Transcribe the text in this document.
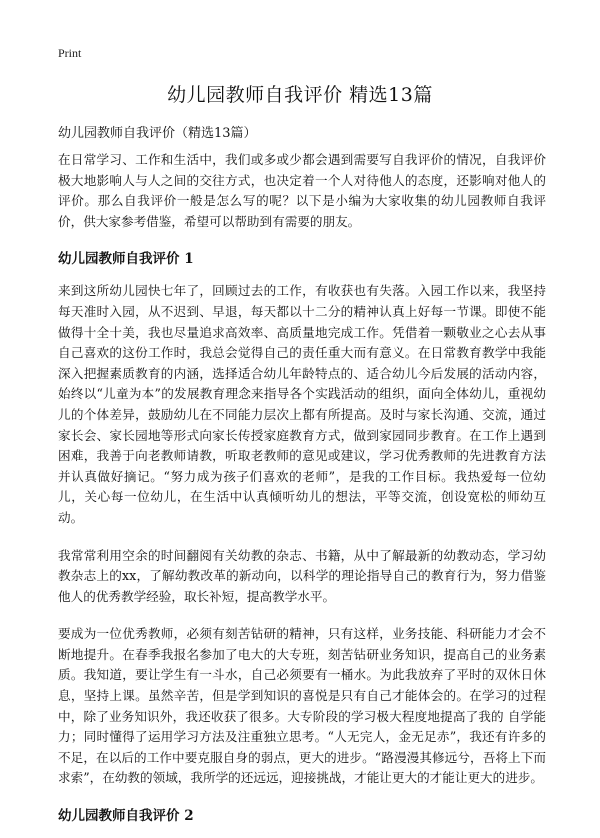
Print
幼儿园教师自我评价 精选13篇
幼儿园教师自我评价（精选13篇）

在日常学习、工作和生活中，我们或多或少都会遇到需要写自我评价的情况，自我评价极大地影响人与人之间的交往方式，也决定着一个人对待他人的态度，还影响对他人的评价。那么自我评价一般是怎么写的呢？以下是小编为大家收集的幼儿园教师自我评价，供大家参考借鉴，希望可以帮助到有需要的朋友。

幼儿园教师自我评价 1

来到这所幼儿园快七年了，回顾过去的工作，有收获也有失落。入园工作以来，我坚持每天准时入园，从不迟到、早退，每天都以十二分的精神认真上好每一节课。即使不能做得十全十美，我也尽量追求高效率、高质量地完成工作。凭借着一颗敬业之心去从事自己喜欢的这份工作时，我总会觉得自己的责任重大而有意义。在日常教育教学中我能深入把握素质教育的内涵，选择适合幼儿年龄特点的、适合幼儿今后发展的活动内容，始终以“儿童为本”的发展教育理念来指导各个实践活动的组织，面向全体幼儿，重视幼儿的个体差异，鼓励幼儿在不同能力层次上都有所提高。及时与家长沟通、交流，通过家长会、家长园地等形式向家长传授家庭教育方式，做到家园同步教育。在工作上遇到困难，我善于向老教师请教，听取老教师的意见或建议，学习优秀教师的先进教育方法并认真做好摘记。“努力成为孩子们喜欢的老师”，是我的工作目标。我热爱每一位幼儿，关心每一位幼儿，在生活中认真倾听幼儿的想法，平等交流，创设宽松的师幼互动。

我常常利用空余的时间翻阅有关幼教的杂志、书籍，从中了解最新的幼教动态，学习幼教杂志上的xx，了解幼教改革的新动向，以科学的理论指导自己的教育行为，努力借鉴他人的优秀教学经验，取长补短，提高教学水平。

要成为一位优秀教师，必须有刻苦钻研的精神，只有这样，业务技能、科研能力才会不断地提升。在春季我报名参加了电大的大专班，刻苦钻研业务知识，提高自己的业务素质。我知道，要让学生有一斗水，自己必须要有一桶水。为此我放弃了平时的双休日休息，坚持上课。虽然辛苦，但是学到知识的喜悦是只有自己才能体会的。在学习的过程中，除了业务知识外，我还收获了很多。大专阶段的学习极大程度地提高了我的 自学能力；同时懂得了运用学习方法及注重独立思考。“人无完人，金无足赤”，我还有许多的不足，在以后的工作中要克服自身的弱点，更大的进步。“路漫漫其修远兮，吾将上下而求索”，在幼教的领域，我所学的还远远，迎接挑战，才能让更大的才能让更大的进步。

幼儿园教师自我评价 2
